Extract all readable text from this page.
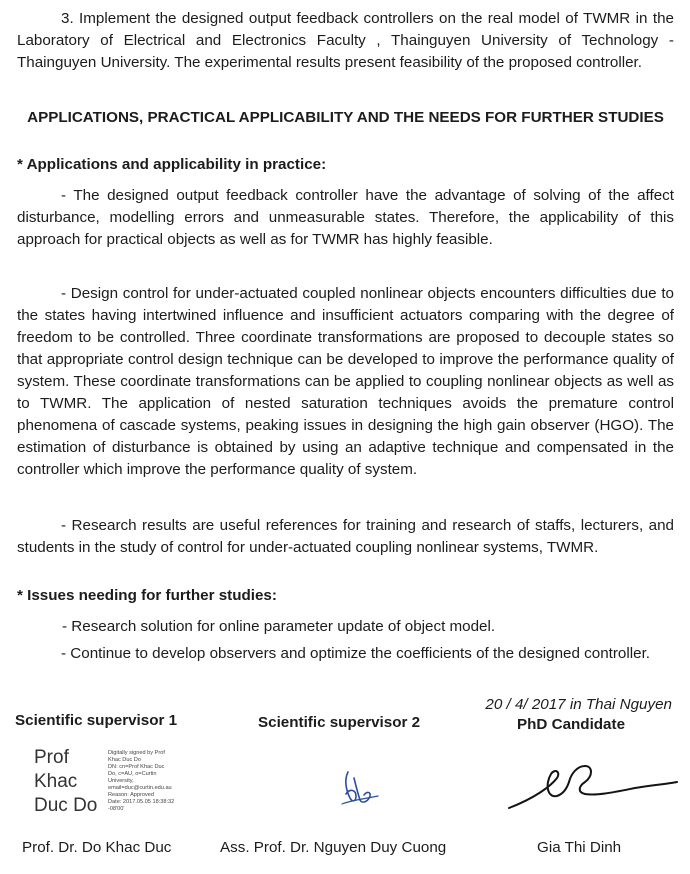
3. Implement the designed output feedback controllers on the real model of TWMR in the Laboratory of Electrical and Electronics Faculty , Thainguyen University of Technology - Thainguyen University. The experimental results present feasibility of the proposed controller.

APPLICATIONS, PRACTICAL APPLICABILITY AND THE NEEDS FOR FURTHER STUDIES

* Applications and applicability in practice:

- The designed output feedback controller have the advantage of solving of the affect disturbance, modelling errors and unmeasurable states. Therefore, the applicability of this approach for practical objects as well as for TWMR has highly feasible.

- Design control for under-actuated coupled nonlinear objects encounters difficulties due to the states having intertwined influence and insufficient actuators comparing with the degree of freedom to be controlled. Three coordinate transformations are proposed to decouple states so that appropriate control design technique can be developed to improve the performance quality of system. These coordinate transformations can be applied to coupling nonlinear objects as well as to TWMR. The application of nested saturation techniques avoids the premature control phenomena of cascade systems, peaking issues in designing the high gain observer (HGO). The estimation of disturbance is obtained by using an adaptive technique and compensated in the controller which improve the performance quality of system.

- Research results are useful references for training and research of staffs, lecturers, and students in the study of control for under-actuated coupling nonlinear systems, TWMR.

* Issues needing for further studies:

- Research solution for online parameter update of object model.

- Continue to develop observers and optimize the coefficients of the designed controller.

20 / 4/ 2017 in Thai Nguyen

Scientific supervisor 1	Scientific supervisor 2	PhD Candidate

Prof
Khac
Duc Do
Digitally signed by Prof
Khac Duc Do
DN: cn=Prof Khac Duc
Do, c=AU, o=Curtin
University,
email=duc@curtin.edu.au
Reason: Approved
Date: 2017.05.05 18:38:32
-08'00'

Prof. Dr. Do Khac Duc	Ass. Prof. Dr. Nguyen Duy Cuong	Gia Thi Dinh
